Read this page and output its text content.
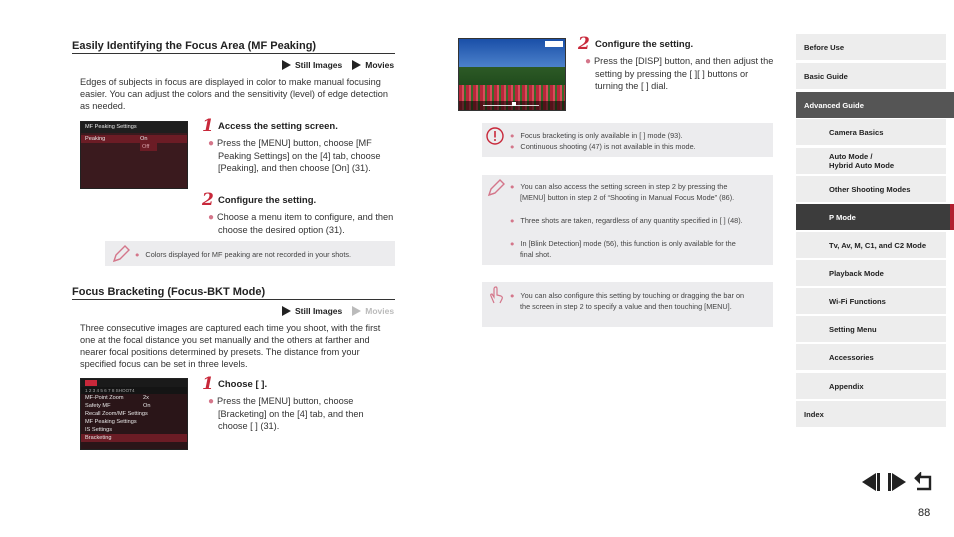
Easily Identifying the Focus Area (MF Peaking)
Still Images	Movies
Edges of subjects in focus are displayed in color to make manual focusing easier. You can adjust the colors and the sensitivity (level) of edge detection as needed.
MF Peaking Settings
Peaking	On
Off
1 Access the setting screen.
● Press the [MENU] button, choose [MF Peaking Settings] on the [4] tab, choose [Peaking], and then choose [On] (31).
2 Configure the setting.
● Choose a menu item to configure, and then choose the desired option (31).
● Colors displayed for MF peaking are not recorded in your shots.
Focus Bracketing (Focus-BKT Mode)
Still Images	Movies
Three consecutive images are captured each time you shoot, with the first one at the focal distance you set manually and the others at farther and nearer focal positions determined by presets. The distance from your specified focus can be set in three levels.
1 2 3 4 5 6 7 8 SHOOT4
MF-Point Zoom	2x
Safety MF	On
Recall Zoom/MF Settings
MF Peaking Settings
IS Settings
Bracketing
1 Choose [ ].
● Press the [MENU] button, choose [Bracketing] on the [4] tab, and then choose [ ] (31).
2 Configure the setting.
● Press the [DISP] button, and then adjust the setting by pressing the [ ][ ] buttons or turning the [ ] dial.
● Focus bracketing is only available in [ ] mode (93).
● Continuous shooting (47) is not available in this mode.
● You can also access the setting screen in step 2 by pressing the [MENU] button in step 2 of “Shooting in Manual Focus Mode” (86).
● Three shots are taken, regardless of any quantity specified in [ ] (48).
● In [Blink Detection] mode (56), this function is only available for the final shot.
● You can also configure this setting by touching or dragging the bar on the screen in step 2 to specify a value and then touching [MENU].
Before Use
Basic Guide
Advanced Guide
Camera Basics
Auto Mode /
Hybrid Auto Mode
Other Shooting Modes
P Mode
Tv, Av, M, C1, and C2 Mode
Playback Mode
Wi-Fi Functions
Setting Menu
Accessories
Appendix
Index
88
